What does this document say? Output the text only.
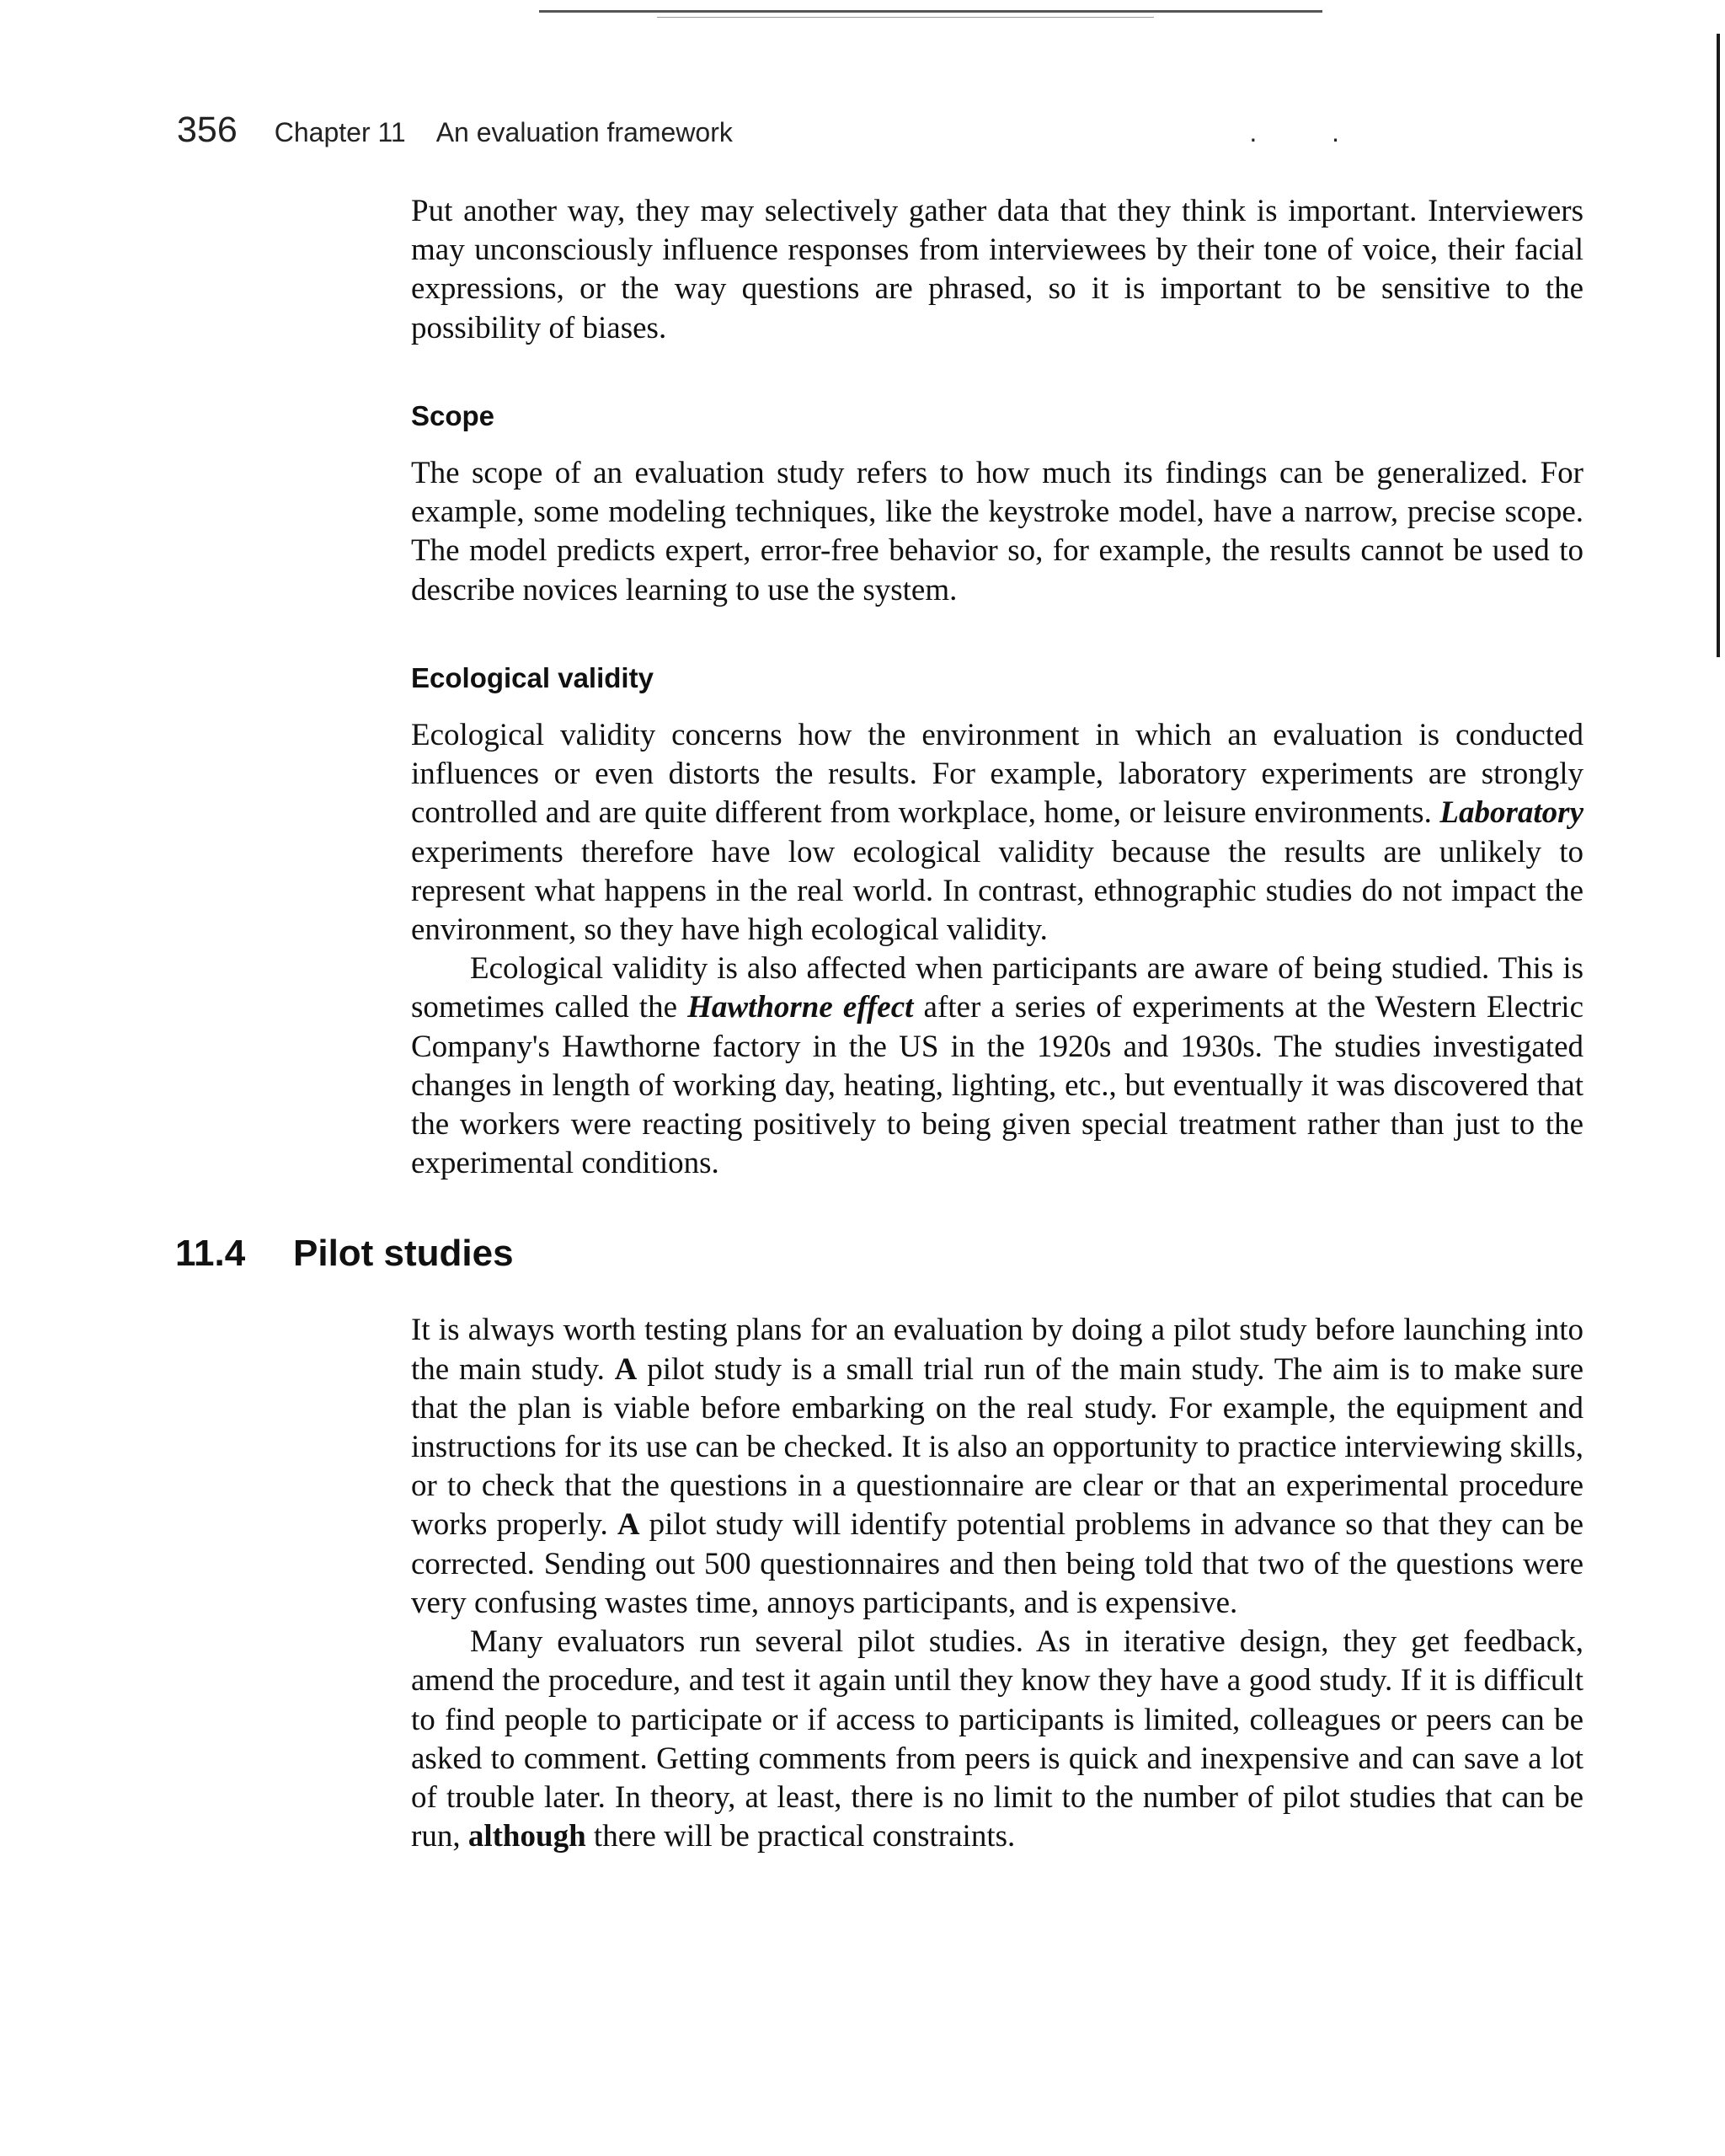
356 Chapter 11 An evaluation framework	. .

Put another way, they may selectively gather data that they think is important. Interviewers may unconsciously influence responses from interviewees by their tone of voice, their facial expressions, or the way questions are phrased, so it is important to be sensitive to the possibility of biases.

Scope

The scope of an evaluation study refers to how much its findings can be generalized. For example, some modeling techniques, like the keystroke model, have a narrow, precise scope. The model predicts expert, error-free behavior so, for example, the results cannot be used to describe novices learning to use the system.

Ecological validity

Ecological validity concerns how the environment in which an evaluation is conducted influences or even distorts the results. For example, laboratory experiments are strongly controlled and are quite different from workplace, home, or leisure environments. Laboratory experiments therefore have low ecological validity because the results are unlikely to represent what happens in the real world. In contrast, ethnographic studies do not impact the environment, so they have high ecological validity.

Ecological validity is also affected when participants are aware of being studied. This is sometimes called the Hawthorne effect after a series of experiments at the Western Electric Company's Hawthorne factory in the US in the 1920s and 1930s. The studies investigated changes in length of working day, heating, lighting, etc., but eventually it was discovered that the workers were reacting positively to being given special treatment rather than just to the experimental conditions.

11.4	Pilot studies

It is always worth testing plans for an evaluation by doing a pilot study before launching into the main study. A pilot study is a small trial run of the main study. The aim is to make sure that the plan is viable before embarking on the real study. For example, the equipment and instructions for its use can be checked. It is also an opportunity to practice interviewing skills, or to check that the questions in a questionnaire are clear or that an experimental procedure works properly. A pilot study will identify potential problems in advance so that they can be corrected. Sending out 500 questionnaires and then being told that two of the questions were very confusing wastes time, annoys participants, and is expensive.

Many evaluators run several pilot studies. As in iterative design, they get feedback, amend the procedure, and test it again until they know they have a good study. If it is difficult to find people to participate or if access to participants is limited, colleagues or peers can be asked to comment. Getting comments from peers is quick and inexpensive and can save a lot of trouble later. In theory, at least, there is no limit to the number of pilot studies that can be run, although there will be practical constraints.
